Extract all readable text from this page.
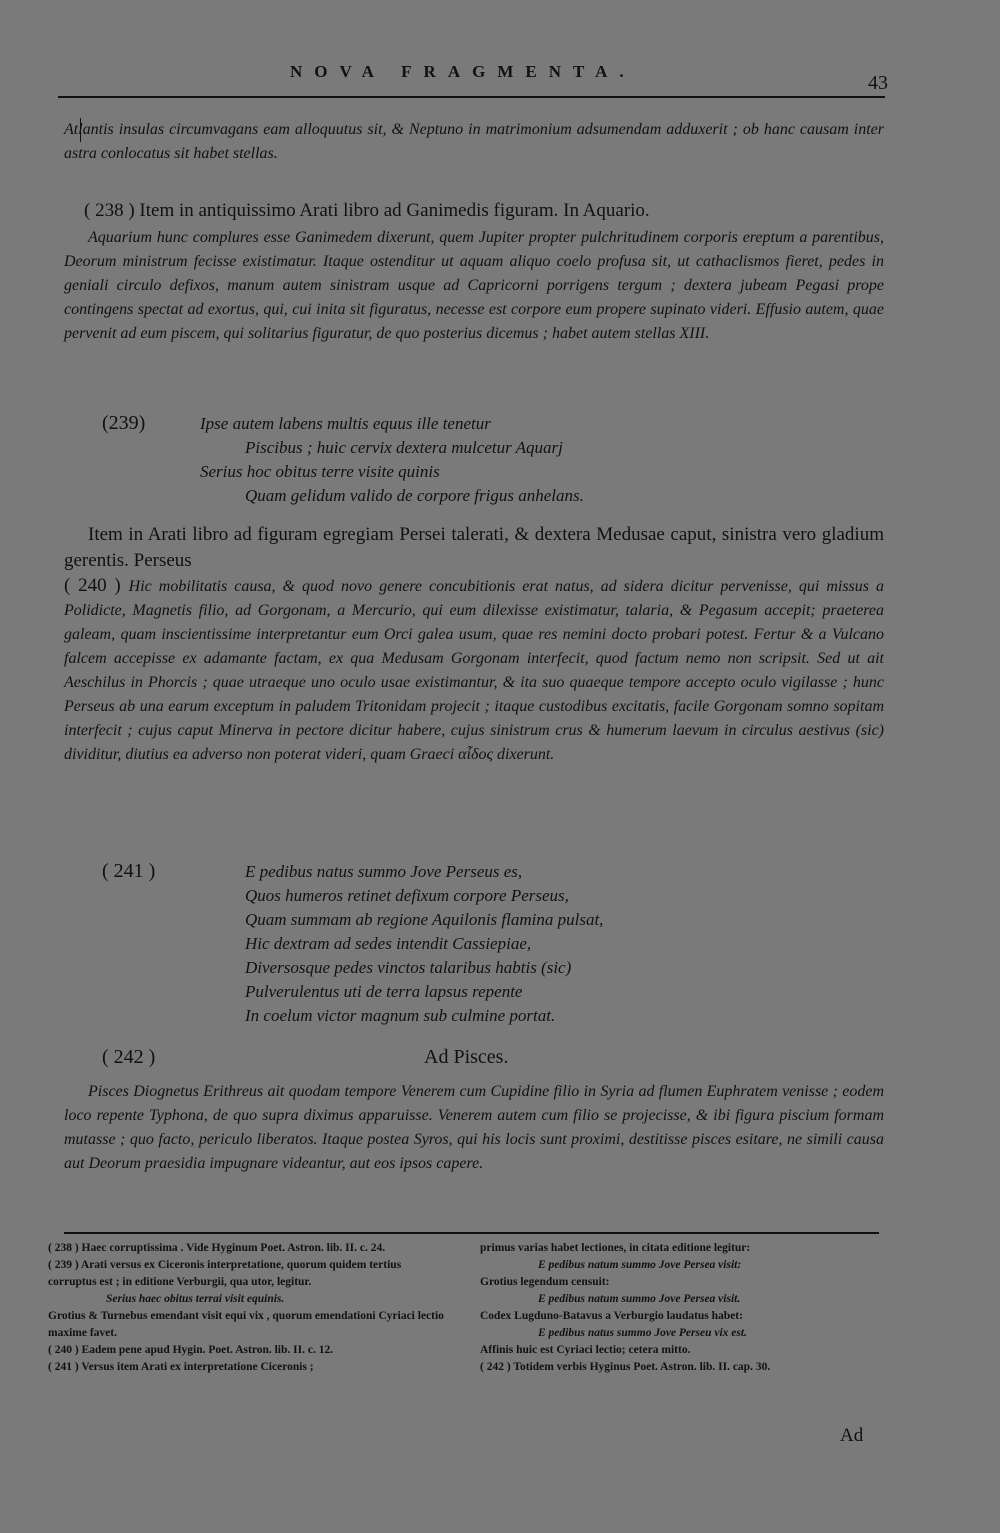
NOVA FRAGMENTA.
43
Atlantis insulas circumvagans eam alloquutus sit, & Neptuno in matrimonium adsumendam adduxerit ; ob hanc causam inter astra conlocatus sit habet stellas.
( 238 ) Item in antiquissimo Arati libro ad Ganimedis figuram. In Aquario.
Aquarium hunc complures esse Ganimedem dixerunt, quem Jupiter propter pulchritudinem corporis ereptum a parentibus, Deorum ministrum fecisse existimatur. Itaque ostenditur ut aquam aliquo coelo profusa sit, ut cathaclismos fieret, pedes in geniali circulo defixos, manum autem sinistram usque ad Capricorni porrigens tergum ; dextera jubeam Pegasi prope contingens spectat ad exortus, qui, cui inita sit figuratus, necesse est corpore eum propere supinato videri. Effusio autem, quae pervenit ad eum piscem, qui solitarius figuratur, de quo posterius dicemus ; habet autem stellas XIII.
(239)	Ipse autem labens multis equus ille tenetur
Piscibus ; huic cervix dextera mulcetur Aquarj
Serius hoc obitus terre visite quinis
Quam gelidum valido de corpore frigus anhelans.
Item in Arati libro ad figuram egregiam Persei talerati, & dextera Medusae caput, sinistra vero gladium gerentis. Perseus
( 240 ) Hic mobilitatis causa, & quod novo genere concubitionis erat natus, ad sidera dicitur pervenisse, qui missus a Polidicte, Magnetis filio, ad Gorgonam, a Mercurio, qui eum dilexisse existimatur, talaria, & Pegasum accepit; praeterea galeam, quam inscientissime interpretantur eum Orci galea usum, quae res nemini docto probari potest. Fertur & a Vulcano falcem accepisse ex adamante factam, ex qua Medusam Gorgonam interfecit, quod factum nemo non scripsit. Sed ut ait Aeschilus in Phorcis ; quae utraeque uno oculo usae existimantur, & ita suo quaeque tempore accepto oculo vigilasse ; hunc Perseus ab una earum exceptum in paludem Tritonidam projecit ; itaque custodibus excitatis, facile Gorgonam somno sopitam interfecit ; cujus caput Minerva in pectore dicitur habere, cujus sinistrum crus & humerum laevum in circulus aestivus (sic) dividitur, diutius ea adverso non poterat videri, quam Graeci αἶδος dixerunt.
( 241 )	E pedibus natus summo Jove Perseus es,
Quos humeros retinet defixum corpore Perseus,
Quam summam ab regione Aquilonis flamina pulsat,
Hic dextram ad sedes intendit Cassiepiae,
Diversosque pedes vinctos talaribus habtis (sic)
Pulverulentus uti de terra lapsus repente
In coelum victor magnum sub culmine portat.
( 242 )	Ad Pisces.
Pisces Diognetus Erithreus ait quodam tempore Venerem cum Cupidine filio in Syria ad flumen Euphratem venisse ; eodem loco repente Typhona, de quo supra diximus apparuisse. Venerem autem cum filio se projecisse, & ibi figura piscium formam mutasse ; quo facto, periculo liberatos. Itaque postea Syros, qui his locis sunt proximi, destitisse pisces esitare, ne simili causa aut Deorum praesidia impugnare videantur, aut eos ipsos capere.

( 238 ) Haec corruptissima . Vide Hyginum Poet. Astron. lib. II. c. 24.

( 239 ) Arati versus ex Ciceronis interpretatione, quorum quidem tertius corruptus est ; in editione Verburgii, qua utor, legitur.

Serius haec obitus terrai visit equinis.

Grotius & Turnebus emendant visit equi vix , quorum emendationi Cyriaci lectio maxime favet.

( 240 ) Eadem pene apud Hygin. Poet. Astron. lib. II. c. 12.

( 241 ) Versus item Arati ex interpretatione Ciceronis ;

primus varias habet lectiones, in citata editione legitur:

E pedibus natum summo Jove Persea visit:

Grotius legendum censuit:

E pedibus natum summo Jove Persea visit.

Codex Lugduno-Batavus a Verburgio laudatus habet:

E pedibus natus summo Jove Perseu vix est.

Affinis huic est Cyriaci lectio; cetera mitto.

( 242 ) Totidem verbis Hyginus Poet. Astron. lib. II. cap. 30.

Ad
